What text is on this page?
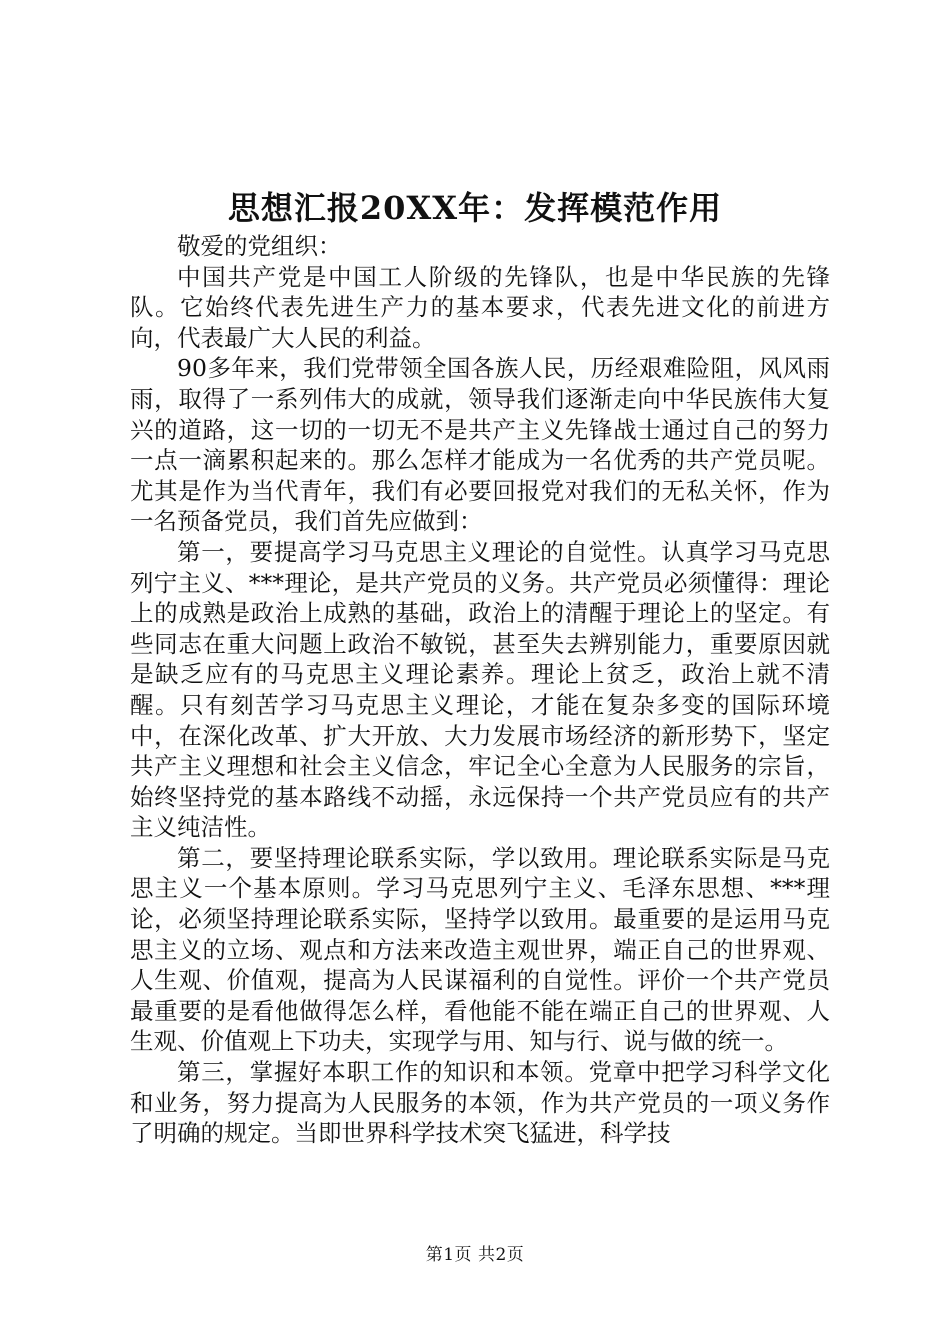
思想汇报20XX年：发挥模范作用

敬爱的党组织：

中国共产党是中国工人阶级的先锋队，也是中华民族的先锋队。它始终代表先进生产力的基本要求，代表先进文化的前进方向，代表最广大人民的利益。

90多年来，我们党带领全国各族人民，历经艰难险阻，风风雨雨，取得了一系列伟大的成就，领导我们逐渐走向中华民族伟大复兴的道路，这一切的一切无不是共产主义先锋战士通过自己的努力一点一滴累积起来的。那么怎样才能成为一名优秀的共产党员呢。尤其是作为当代青年，我们有必要回报党对我们的无私关怀，作为一名预备党员，我们首先应做到：

第一，要提高学习马克思主义理论的自觉性。认真学习马克思列宁主义、***理论，是共产党员的义务。共产党员必须懂得：理论上的成熟是政治上成熟的基础，政治上的清醒于理论上的坚定。有些同志在重大问题上政治不敏锐，甚至失去辨别能力，重要原因就是缺乏应有的马克思主义理论素养。理论上贫乏，政治上就不清醒。只有刻苦学习马克思主义理论，才能在复杂多变的国际环境中，在深化改革、扩大开放、大力发展市场经济的新形势下，坚定共产主义理想和社会主义信念，牢记全心全意为人民服务的宗旨，始终坚持党的基本路线不动摇，永远保持一个共产党员应有的共产主义纯洁性。

第二，要坚持理论联系实际，学以致用。理论联系实际是马克思主义一个基本原则。学习马克思列宁主义、毛泽东思想、***理论，必须坚持理论联系实际，坚持学以致用。最重要的是运用马克思主义的立场、观点和方法来改造主观世界，端正自己的世界观、人生观、价值观，提高为人民谋福利的自觉性。评价一个共产党员最重要的是看他做得怎么样，看他能不能在端正自己的世界观、人生观、价值观上下功夫，实现学与用、知与行、说与做的统一。

第三，掌握好本职工作的知识和本领。党章中把学习科学文化和业务，努力提高为人民服务的本领，作为共产党员的一项义务作了明确的规定。当即世界科学技术突飞猛进，科学技

第1页 共2页
